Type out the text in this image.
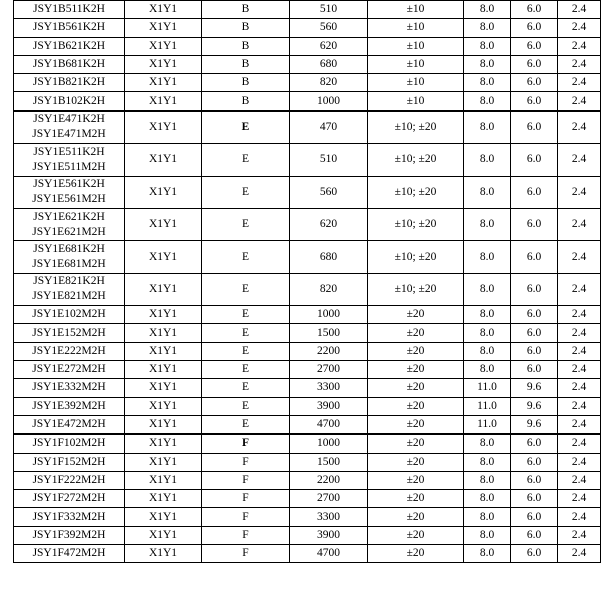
JSY1B511K2H	X1Y1	B	510	±10	8.0	6.0	2.4

JSY1B561K2H	X1Y1	B	560	±10	8.0	6.0	2.4

JSY1B621K2H	X1Y1	B	620	±10	8.0	6.0	2.4

JSY1B681K2H	X1Y1	B	680	±10	8.0	6.0	2.4

JSY1B821K2H	X1Y1	B	820	±10	8.0	6.0	2.4

JSY1B102K2H	X1Y1	B	1000	±10	8.0	6.0	2.4

JSY1E471K2H
JSY1E471M2H	X1Y1	E	470	±10; ±20	8.0	6.0	2.4

JSY1E511K2H
JSY1E511M2H	X1Y1	E	510	±10; ±20	8.0	6.0	2.4

JSY1E561K2H
JSY1E561M2H	X1Y1	E	560	±10; ±20	8.0	6.0	2.4

JSY1E621K2H
JSY1E621M2H	X1Y1	E	620	±10; ±20	8.0	6.0	2.4

JSY1E681K2H
JSY1E681M2H	X1Y1	E	680	±10; ±20	8.0	6.0	2.4

JSY1E821K2H
JSY1E821M2H	X1Y1	E	820	±10; ±20	8.0	6.0	2.4

JSY1E102M2H	X1Y1	E	1000	±20	8.0	6.0	2.4

JSY1E152M2H	X1Y1	E	1500	±20	8.0	6.0	2.4

JSY1E222M2H	X1Y1	E	2200	±20	8.0	6.0	2.4

JSY1E272M2H	X1Y1	E	2700	±20	8.0	6.0	2.4

JSY1E332M2H	X1Y1	E	3300	±20	11.0	9.6	2.4

JSY1E392M2H	X1Y1	E	3900	±20	11.0	9.6	2.4

JSY1E472M2H	X1Y1	E	4700	±20	11.0	9.6	2.4

JSY1F102M2H	X1Y1	F	1000	±20	8.0	6.0	2.4

JSY1F152M2H	X1Y1	F	1500	±20	8.0	6.0	2.4

JSY1F222M2H	X1Y1	F	2200	±20	8.0	6.0	2.4

JSY1F272M2H	X1Y1	F	2700	±20	8.0	6.0	2.4

JSY1F332M2H	X1Y1	F	3300	±20	8.0	6.0	2.4

JSY1F392M2H	X1Y1	F	3900	±20	8.0	6.0	2.4

JSY1F472M2H	X1Y1	F	4700	±20	8.0	6.0	2.4
